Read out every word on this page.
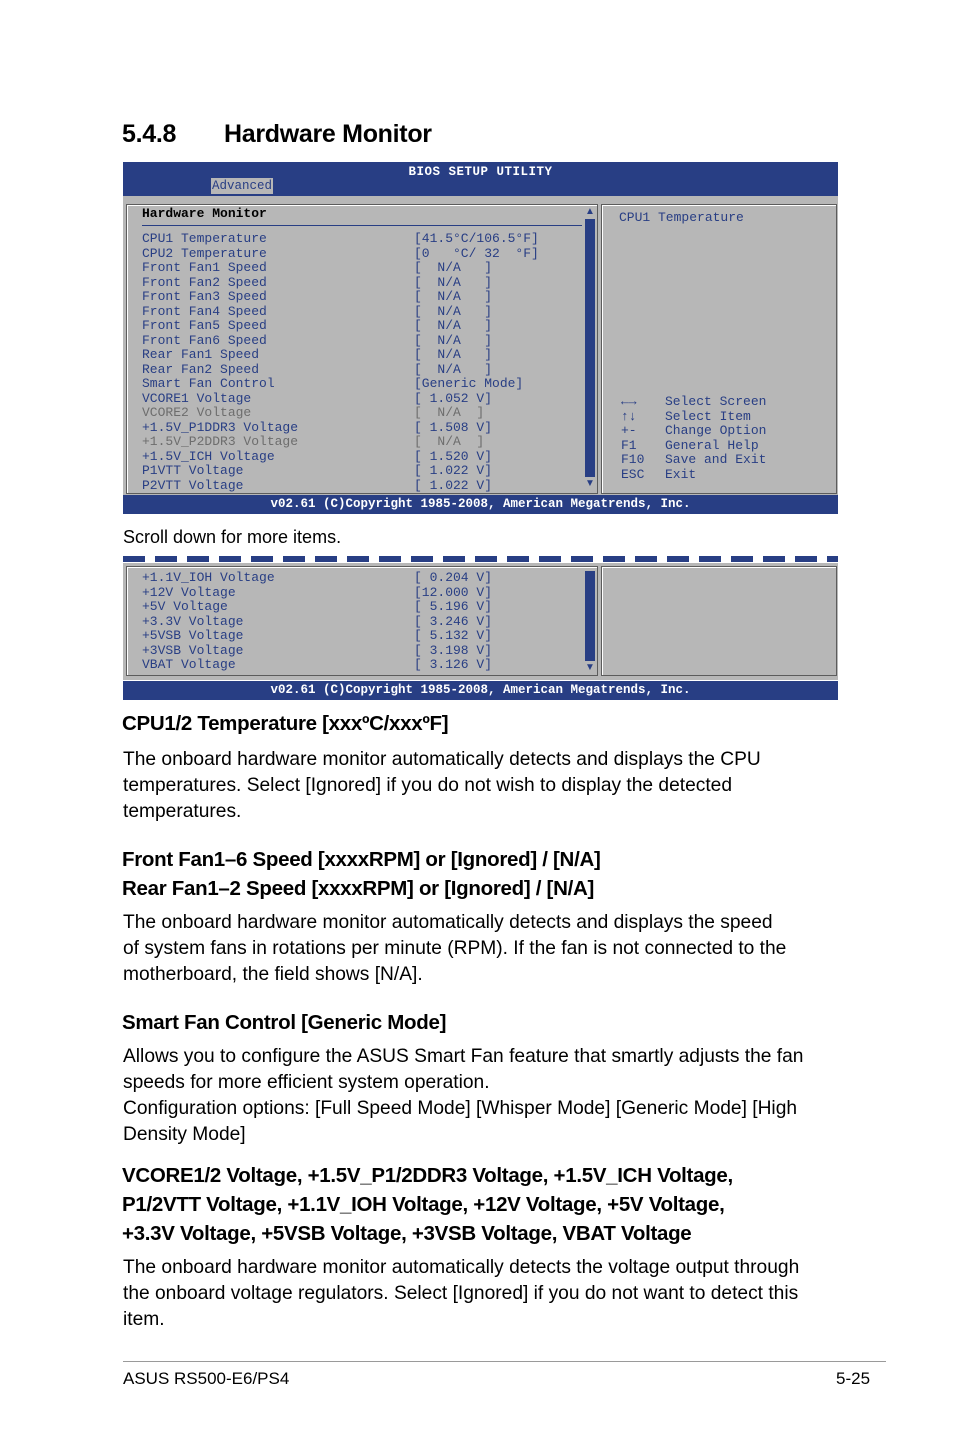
5.4.8 Hardware Monitor
BIOS SETUP UTILITY
Advanced
Hardware Monitor
CPU1 Temperature	[41.5°C/106.5°F]
CPU2 Temperature	[0   °C/ 32  °F]
Front Fan1 Speed	[  N/A   ]
Front Fan2 Speed	[  N/A   ]
Front Fan3 Speed	[  N/A   ]
Front Fan4 Speed	[  N/A   ]
Front Fan5 Speed	[  N/A   ]
Front Fan6 Speed	[  N/A   ]
Rear Fan1 Speed	[  N/A   ]
Rear Fan2 Speed	[  N/A   ]
Smart Fan Control	[Generic Mode]
VCORE1 Voltage	[ 1.052 V]
VCORE2 Voltage	[  N/A  ]
+1.5V_P1DDR3 Voltage	[ 1.508 V]
+1.5V_P2DDR3 Voltage	[  N/A  ]
+1.5V_ICH Voltage	[ 1.520 V]
P1VTT Voltage	[ 1.022 V]
P2VTT Voltage	[ 1.022 V]
▲
▼
CPU1 Temperature
←→ Select Screen
↑↓ Select Item
+- Change Option
F1 General Help
F10 Save and Exit
ESC Exit
v02.61 (C)Copyright 1985-2008, American Megatrends, Inc.
Scroll down for more items.
+1.1V_IOH Voltage	[ 0.204 V]
+12V Voltage	[12.000 V]
+5V Voltage	[ 5.196 V]
+3.3V Voltage	[ 3.246 V]
+5VSB Voltage	[ 5.132 V]
+3VSB Voltage	[ 3.198 V]
VBAT Voltage	[ 3.126 V]	▼
v02.61 (C)Copyright 1985-2008, American Megatrends, Inc.
CPU1/2 Temperature [xxxºC/xxxºF]
The onboard hardware monitor automatically detects and displays the CPU
temperatures. Select [Ignored] if you do not wish to display the detected
temperatures.
Front Fan1–6 Speed [xxxxRPM] or [Ignored] / [N/A]
Rear Fan1–2 Speed [xxxxRPM] or [Ignored] / [N/A]
The onboard hardware monitor automatically detects and displays the speed
of system fans in rotations per minute (RPM). If the fan is not connected to the
motherboard, the field shows [N/A].
Smart Fan Control [Generic Mode]
Allows you to configure the ASUS Smart Fan feature that smartly adjusts the fan
speeds for more efficient system operation.
Configuration options: [Full Speed Mode] [Whisper Mode] [Generic Mode] [High
Density Mode]
VCORE1/2 Voltage, +1.5V_P1/2DDR3 Voltage, +1.5V_ICH Voltage,
P1/2VTT Voltage, +1.1V_IOH Voltage, +12V Voltage, +5V Voltage,
+3.3V Voltage, +5VSB Voltage, +3VSB Voltage, VBAT Voltage
The onboard hardware monitor automatically detects the voltage output through
the onboard voltage regulators. Select [Ignored] if you do not want to detect this
item.
ASUS RS500-E6/PS4	5-25
